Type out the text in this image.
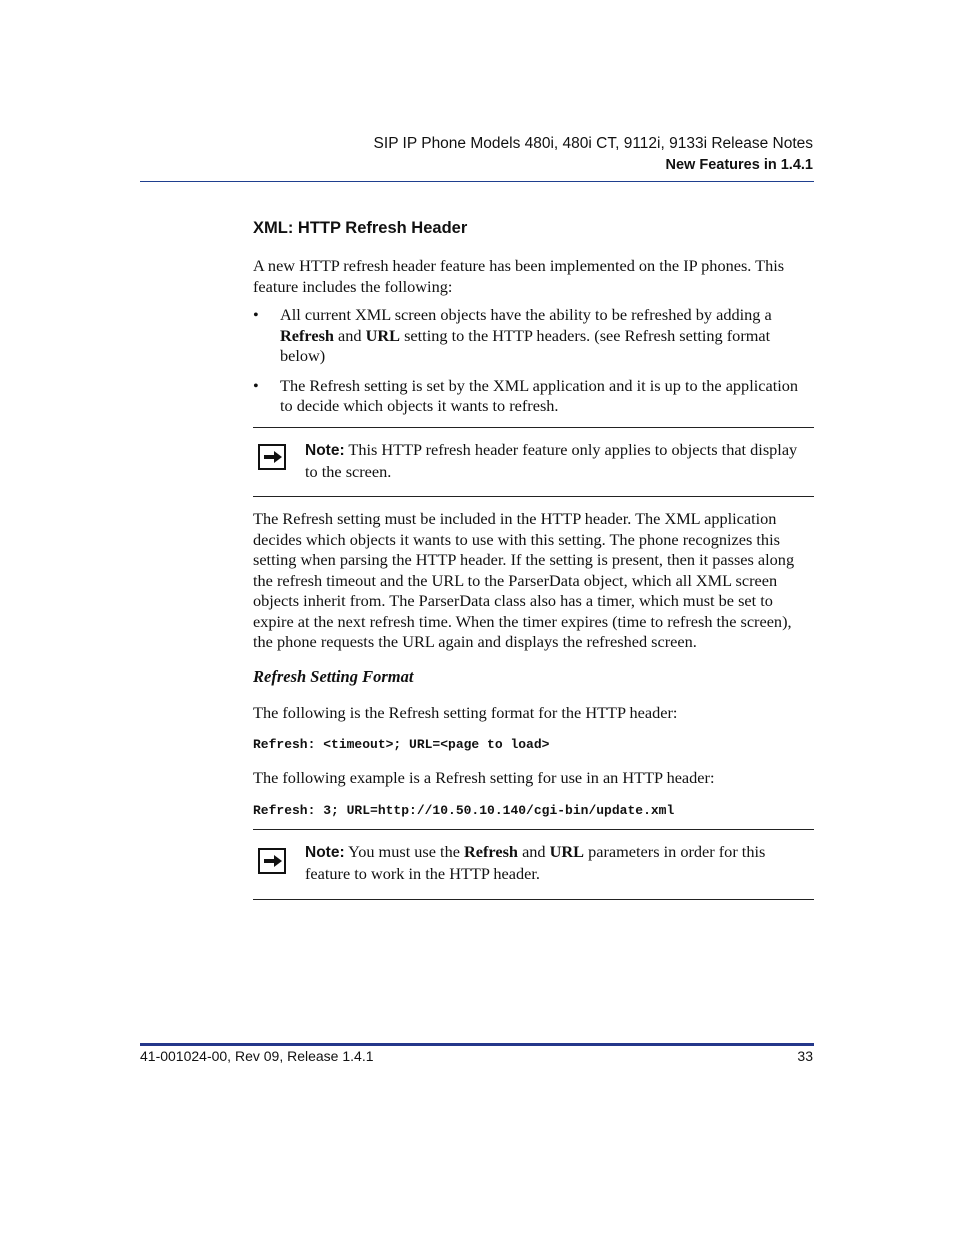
SIP IP Phone Models 480i, 480i CT, 9112i, 9133i Release Notes
New Features in 1.4.1
XML: HTTP Refresh Header

A new HTTP refresh header feature has been implemented on the IP phones. This feature includes the following:

• All current XML screen objects have the ability to be refreshed by adding a Refresh and URL setting to the HTTP headers. (see Refresh setting format below)
• The Refresh setting is set by the XML application and it is up to the application to decide which objects it wants to refresh.
Note: This HTTP refresh header feature only applies to objects that display to the screen.

The Refresh setting must be included in the HTTP header. The XML application decides which objects it wants to use with this setting. The phone recognizes this setting when parsing the HTTP header. If the setting is present, then it passes along the refresh timeout and the URL to the ParserData object, which all XML screen objects inherit from. The ParserData class also has a timer, which must be set to expire at the next refresh time. When the timer expires (time to refresh the screen), the phone requests the URL again and displays the refreshed screen.

Refresh Setting Format

The following is the Refresh setting format for the HTTP header:

Refresh: <timeout>; URL=<page to load>

The following example is a Refresh setting for use in an HTTP header:

Refresh: 3; URL=http://10.50.10.140/cgi-bin/update.xml
Note: You must use the Refresh and URL parameters in order for this feature to work in the HTTP header.
41-001024-00, Rev 09, Release 1.4.1	33
